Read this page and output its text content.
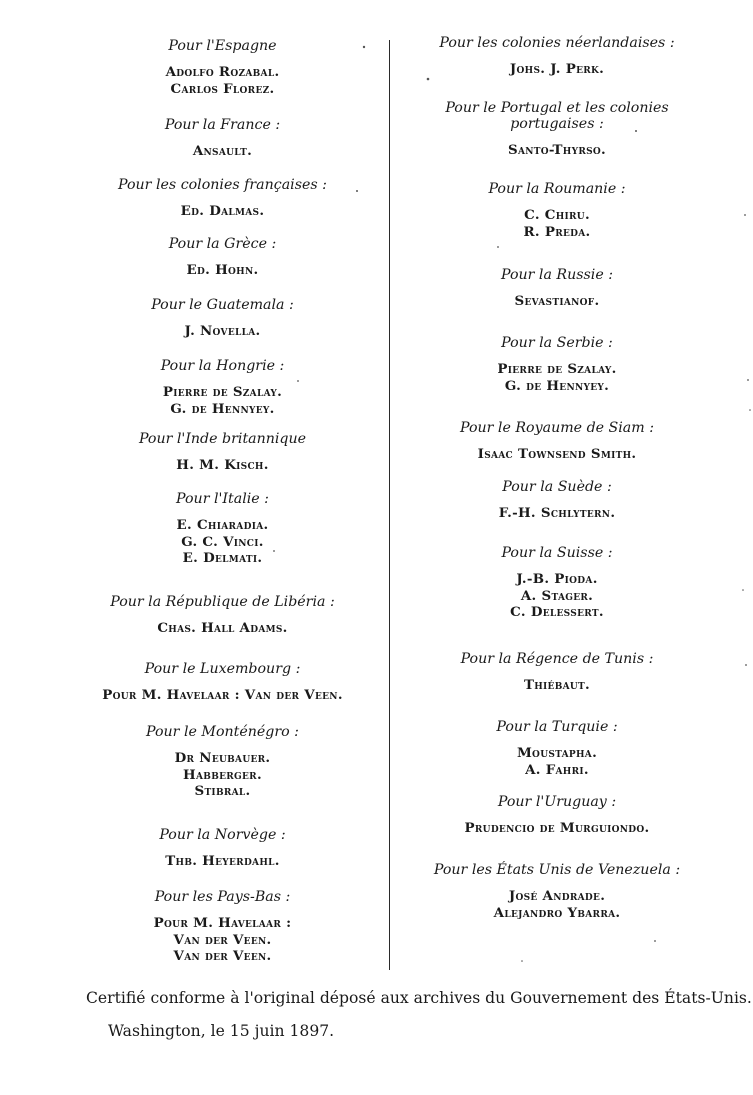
Pour l'Espagne
Adolfo Rozabal.
Carlos Florez.
Pour la France :
Ansault.
Pour les colonies françaises :
Ed. Dalmas.
Pour la Grèce :
Ed. Hohn.
Pour le Guatemala :
J. Novella.
Pour la Hongrie :
Pierre de Szalay.
G. de Hennyey.
Pour l'Inde britannique
H. M. Kisch.
Pour l'Italie :
E. Chiaradia.
G. C. Vinci.
E. Delmati.
Pour la République de Libéria :
Chas. Hall Adams.
Pour le Luxembourg :
Pour M. Havelaar : Van der Veen.
Pour le Monténégro :
Dr Neubauer.
Habberger.
Stibral.
Pour la Norvège :
Thb. Heyerdahl.
Pour les Pays-Bas :
Pour M. Havelaar :
Van der Veen.
Van der Veen.
Pour les colonies néerlandaises :
Johs. J. Perk.
Pour le Portugal et les colonies portugaises :
Santo-Thyrso.
Pour la Roumanie :
C. Chiru.
R. Preda.
Pour la Russie :
Sevastianof.
Pour la Serbie :
Pierre de Szalay.
G. de Hennyey.
Pour le Royaume de Siam :
Isaac Townsend Smith.
Pour la Suède :
F.-H. Schlytern.
Pour la Suisse :
J.-B. Pioda.
A. Stager.
C. Delessert.
Pour la Régence de Tunis :
Thiébaut.
Pour la Turquie :
Moustapha.
A. Fahri.
Pour l'Uruguay :
Prudencio de Murguiondo.
Pour les États Unis de Venezuela :
José Andrade.
Alejandro Ybarra.
Certifié conforme à l'original déposé aux archives du Gouvernement des États-Unis.
Washington, le 15 juin 1897.
